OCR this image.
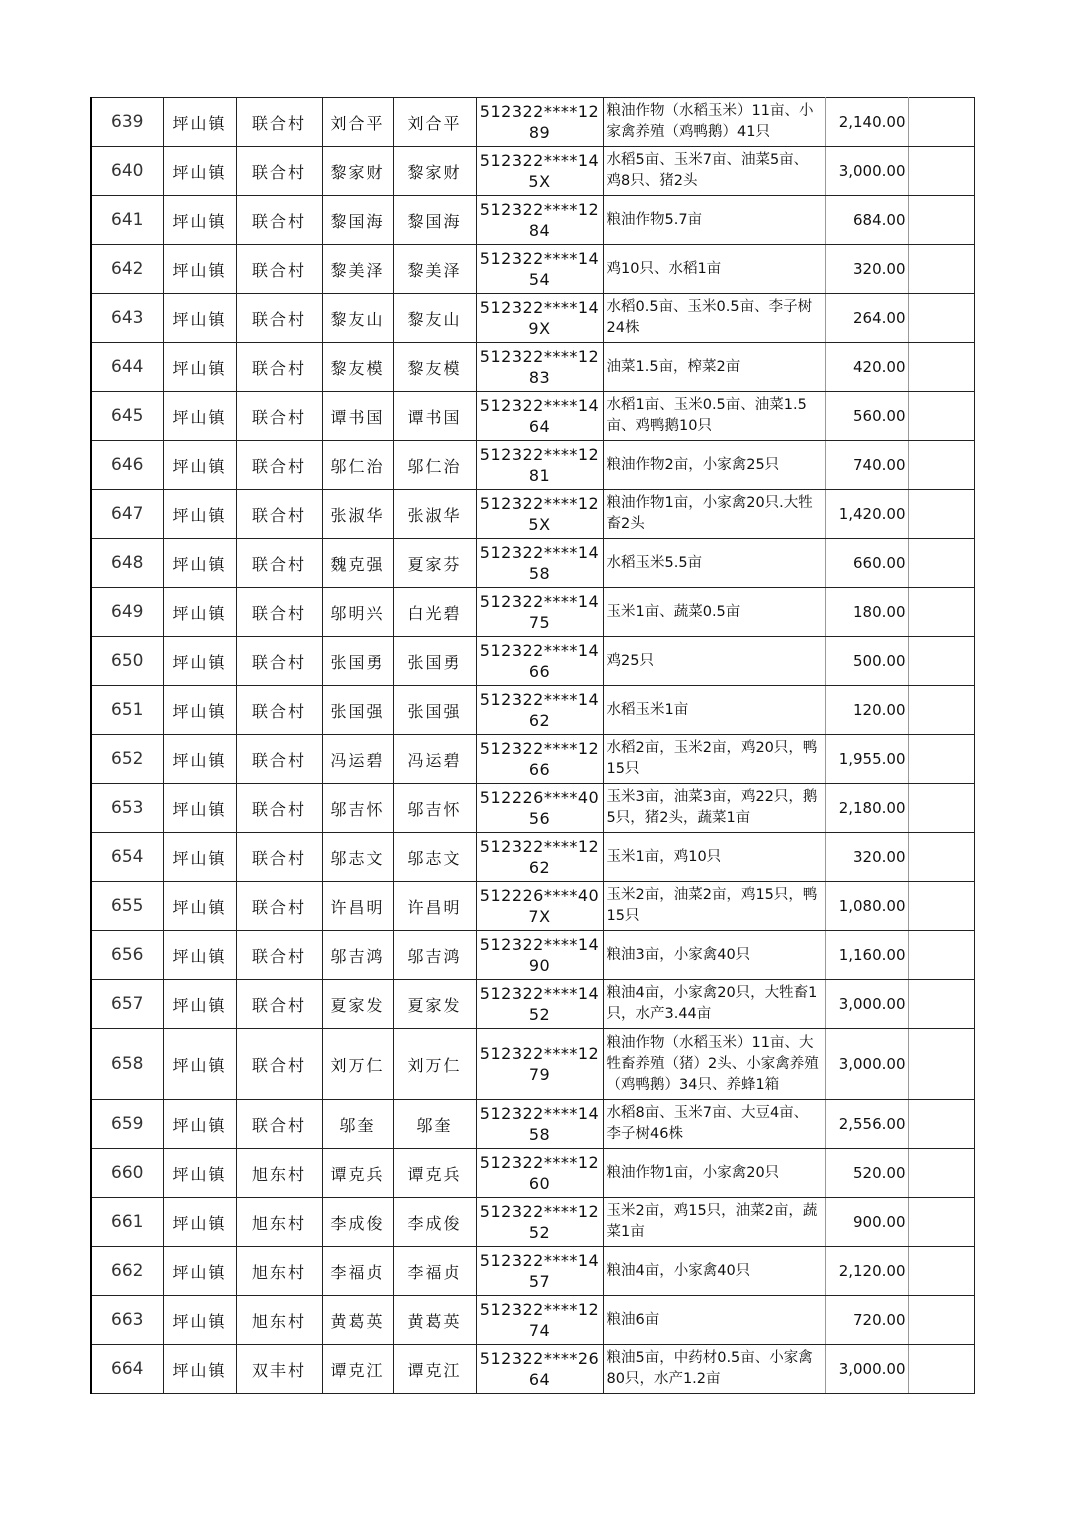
639	坪山镇	联合村	刘合平	刘合平	512322****1289	粮油作物（水稻玉米）11亩、小家禽养殖（鸡鸭鹅）41只	2,140.00	
640	坪山镇	联合村	黎家财	黎家财	512322****145X	水稻5亩、玉米7亩、油菜5亩、鸡8只、猪2头	3,000.00	
641	坪山镇	联合村	黎国海	黎国海	512322****1284	粮油作物5.7亩	684.00	
642	坪山镇	联合村	黎美泽	黎美泽	512322****1454	鸡10只、水稻1亩	320.00	
643	坪山镇	联合村	黎友山	黎友山	512322****149X	水稻0.5亩、玉米0.5亩、李子树24株	264.00	
644	坪山镇	联合村	黎友模	黎友模	512322****1283	油菜1.5亩，榨菜2亩	420.00	
645	坪山镇	联合村	谭书国	谭书国	512322****1464	水稻1亩、玉米0.5亩、油菜1.5亩、鸡鸭鹅10只	560.00	
646	坪山镇	联合村	邬仁治	邬仁治	512322****1281	粮油作物2亩，小家禽25只	740.00	
647	坪山镇	联合村	张淑华	张淑华	512322****125X	粮油作物1亩，小家禽20只.大牲畜2头	1,420.00	
648	坪山镇	联合村	魏克强	夏家芬	512322****1458	水稻玉米5.5亩	660.00	
649	坪山镇	联合村	邬明兴	白光碧	512322****1475	玉米1亩、蔬菜0.5亩	180.00	
650	坪山镇	联合村	张国勇	张国勇	512322****1466	鸡25只	500.00	
651	坪山镇	联合村	张国强	张国强	512322****1462	水稻玉米1亩	120.00	
652	坪山镇	联合村	冯运碧	冯运碧	512322****1266	水稻2亩，玉米2亩，鸡20只，鸭15只	1,955.00	
653	坪山镇	联合村	邬吉怀	邬吉怀	512226****4056	玉米3亩，油菜3亩，鸡22只，鹅5只，猪2头，蔬菜1亩	2,180.00	
654	坪山镇	联合村	邬志文	邬志文	512322****1262	玉米1亩，鸡10只	320.00	
655	坪山镇	联合村	许昌明	许昌明	512226****407X	玉米2亩，油菜2亩，鸡15只，鸭15只	1,080.00	
656	坪山镇	联合村	邬吉鸿	邬吉鸿	512322****1490	粮油3亩，小家禽40只	1,160.00	
657	坪山镇	联合村	夏家发	夏家发	512322****1452	粮油4亩，小家禽20只，大牲畜1只，水产3.44亩	3,000.00	
658	坪山镇	联合村	刘万仁	刘万仁	512322****1279	粮油作物（水稻玉米）11亩、大牲畜养殖（猪）2头、小家禽养殖（鸡鸭鹅）34只、养蜂1箱	3,000.00	
659	坪山镇	联合村	邬奎	邬奎	512322****1458	水稻8亩、玉米7亩、大豆4亩、李子树46株	2,556.00	
660	坪山镇	旭东村	谭克兵	谭克兵	512322****1260	粮油作物1亩，小家禽20只	520.00	
661	坪山镇	旭东村	李成俊	李成俊	512322****1252	玉米2亩，鸡15只，油菜2亩，蔬菜1亩	900.00	
662	坪山镇	旭东村	李福贞	李福贞	512322****1457	粮油4亩，小家禽40只	2,120.00	
663	坪山镇	旭东村	黄葛英	黄葛英	512322****1274	粮油6亩	720.00	
664	坪山镇	双丰村	谭克江	谭克江	512322****2664	粮油5亩，中药材0.5亩、小家禽80只，水产1.2亩	3,000.00	
